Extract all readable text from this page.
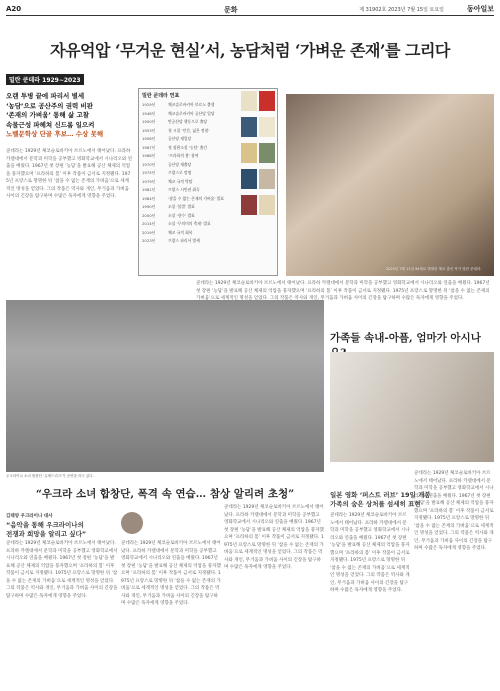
A20	문화	제 31902호 2023년 7월 15일 토요일	동아일보
자유억압 ‘무거운 현실’서, 농담처럼 ‘가벼운 존재’를 그리다
밀란 쿤데라 1929∼2023
오랜 투병 끝에 파리서 별세
‘농담’으로 공산주의 권력 비판
‘존재의 가벼움’ 통해 삶 고찰
속물근성 파헤쳐 신드롬 일으켜
노벨문학상 단골 후보… 수상 못해
쿤데라는 1929년 체코슬로바키아 브르노에서 태어났다. 프라하 카렐대에서 문학과 미학을 공부했고 영화학교에서 시나리오와 연출을 배웠다. 1967년 첫 장편 ‘농담’을 발표해 공산 체제의 억압을 풍자했으며 ‘프라하의 봄’ 이후 작품이 금서로 지정됐다. 1975년 프랑스로 망명한 뒤 ‘참을 수 없는 존재의 가벼움’으로 세계적인 명성을 얻었다. 그의 작품은 역사와 개인, 무거움과 가벼움 사이의 긴장을 탐구하며 수많은 독자에게 영향을 주었다.
밀란 쿤데라 연표
1929년	체코슬로바키아 브르노 출생
1948년	체코슬로바키아 공산당 입당
1950년	반공산당 행동으로 출당
1953년	첫 시집 ‘인간, 넓은 정원’
1956년	공산당 재입당
1967년	첫 장편소설 ‘농담’ 출간
1968년	‘프라하의 봄’ 참여
1970년	공산당 재출당
1975년	프랑스로 망명
1979년	체코 국적 박탈
1981년	프랑스 시민권 취득
1984년	‘참을 수 없는 존재의 가벼움’ 발표
1990년	소설 ‘불멸’ 발표
2000년	소설 ‘향수’ 발표
2014년	소설 ‘무의미의 축제’ 발표
2019년	체코 국적 회복
2023년	프랑스 파리서 별세

2023년 7월 11일 94세로 별세한 체코 출신 작가 밀란 쿤데라.
쿤데라는 1929년 체코슬로바키아 브르노에서 태어났다. 프라하 카렐대에서 문학과 미학을 공부했고 영화학교에서 시나리오와 연출을 배웠다. 1967년 첫 장편 ‘농담’을 발표해 공산 체제의 억압을 풍자했으며 ‘프라하의 봄’ 이후 작품이 금서로 지정됐다. 1975년 프랑스로 망명한 뒤 ‘참을 수 없는 존재의 가벼움’으로 세계적인 명성을 얻었다. 그의 작품은 역사와 개인, 무거움과 가벼움 사이의 긴장을 탐구하며 수많은 독자에게 영향을 주었다.
우크라이나 소녀 합창단 ‘슈체드리크’가 공연을 하고 있다.
“우크라 소녀 합창단, 폭격 속 연습… 참상 알리려 초청”
김태양 우크라이나 대사
“음악을 통해 우크라이나의
전쟁과 희망을 알리고 싶다”
쿤데라는 1929년 체코슬로바키아 브르노에서 태어났다. 프라하 카렐대에서 문학과 미학을 공부했고 영화학교에서 시나리오와 연출을 배웠다. 1967년 첫 장편 ‘농담’을 발표해 공산 체제의 억압을 풍자했으며 ‘프라하의 봄’ 이후 작품이 금서로 지정됐다. 1975년 프랑스로 망명한 뒤 ‘참을 수 없는 존재의 가벼움’으로 세계적인 명성을 얻었다. 그의 작품은 역사와 개인, 무거움과 가벼움 사이의 긴장을 탐구하며 수많은 독자에게 영향을 주었다.
쿤데라는 1929년 체코슬로바키아 브르노에서 태어났다. 프라하 카렐대에서 문학과 미학을 공부했고 영화학교에서 시나리오와 연출을 배웠다. 1967년 첫 장편 ‘농담’을 발표해 공산 체제의 억압을 풍자했으며 ‘프라하의 봄’ 이후 작품이 금서로 지정됐다. 1975년 프랑스로 망명한 뒤 ‘참을 수 없는 존재의 가벼움’으로 세계적인 명성을 얻었다. 그의 작품은 역사와 개인, 무거움과 가벼움 사이의 긴장을 탐구하며 수많은 독자에게 영향을 주었다.
쿤데라는 1929년 체코슬로바키아 브르노에서 태어났다. 프라하 카렐대에서 문학과 미학을 공부했고 영화학교에서 시나리오와 연출을 배웠다. 1967년 첫 장편 ‘농담’을 발표해 공산 체제의 억압을 풍자했으며 ‘프라하의 봄’ 이후 작품이 금서로 지정됐다. 1975년 프랑스로 망명한 뒤 ‘참을 수 없는 존재의 가벼움’으로 세계적인 명성을 얻었다. 그의 작품은 역사와 개인, 무거움과 가벼움 사이의 긴장을 탐구하며 수많은 독자에게 영향을 주었다.
가족들 속내-아픔, 엄마가 아시나
일본 영화 ‘퍼스트 러브’ 19일 개봉
가족의 숨은 상처를 섬세히 표현
쿤데라는 1929년 체코슬로바키아 브르노에서 태어났다. 프라하 카렐대에서 문학과 미학을 공부했고 영화학교에서 시나리오와 연출을 배웠다. 1967년 첫 장편 ‘농담’을 발표해 공산 체제의 억압을 풍자했으며 ‘프라하의 봄’ 이후 작품이 금서로 지정됐다. 1975년 프랑스로 망명한 뒤 ‘참을 수 없는 존재의 가벼움’으로 세계적인 명성을 얻었다. 그의 작품은 역사와 개인, 무거움과 가벼움 사이의 긴장을 탐구하며 수많은 독자에게 영향을 주었다.
쿤데라는 1929년 체코슬로바키아 브르노에서 태어났다. 프라하 카렐대에서 문학과 미학을 공부했고 영화학교에서 시나리오와 연출을 배웠다. 1967년 첫 장편 ‘농담’을 발표해 공산 체제의 억압을 풍자했으며 ‘프라하의 봄’ 이후 작품이 금서로 지정됐다. 1975년 프랑스로 망명한 뒤 ‘참을 수 없는 존재의 가벼움’으로 세계적인 명성을 얻었다. 그의 작품은 역사와 개인, 무거움과 가벼움 사이의 긴장을 탐구하며 수많은 독자에게 영향을 주었다.
